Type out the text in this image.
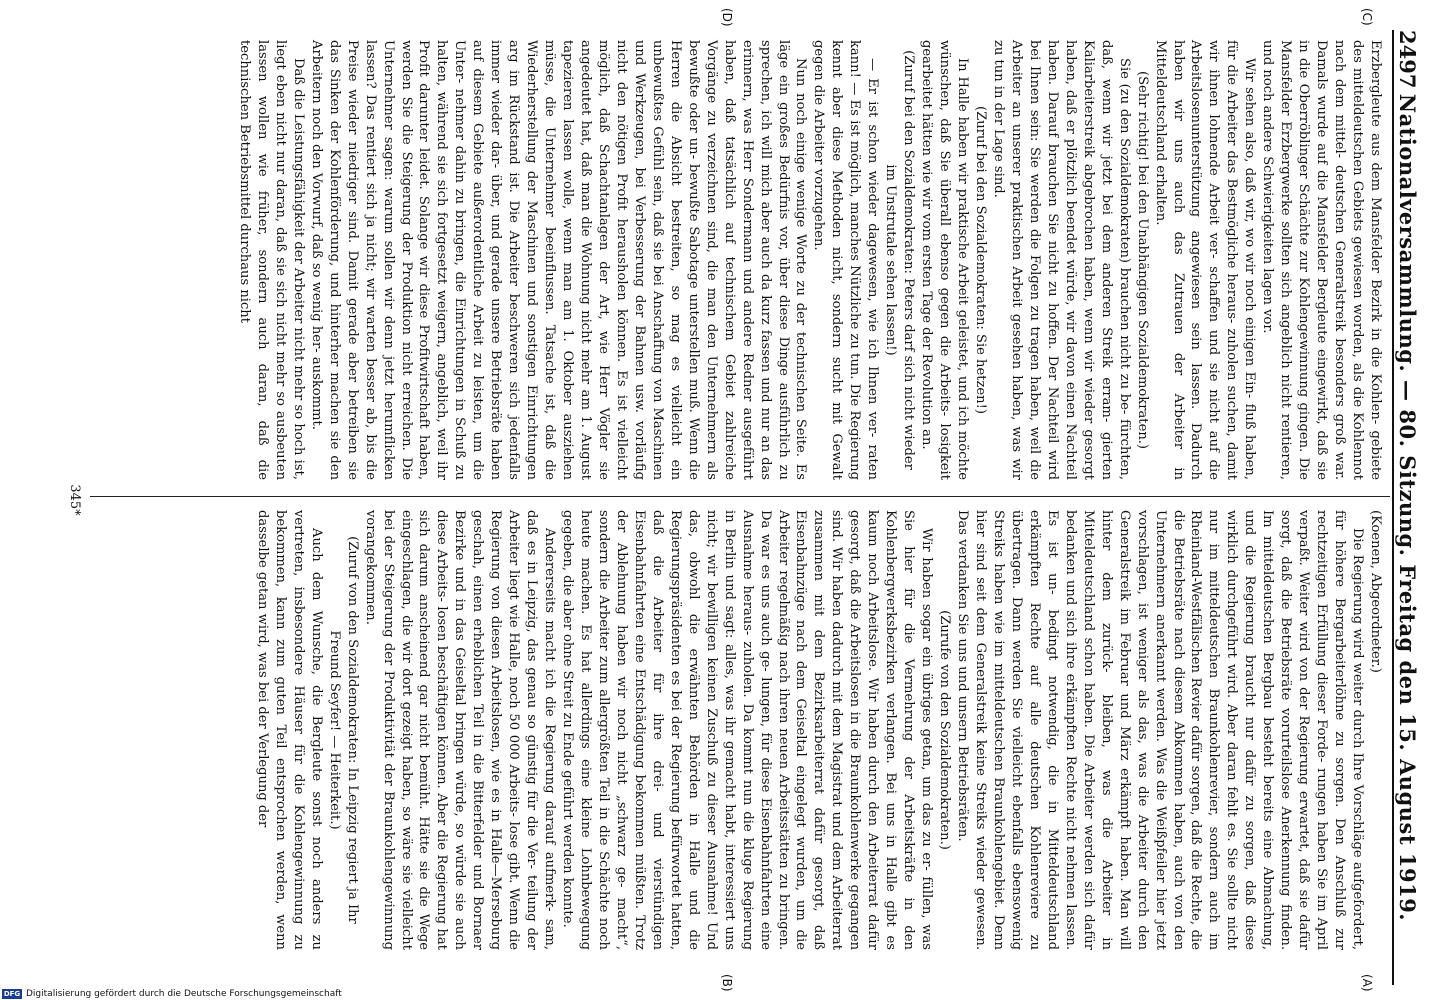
2497
Nationalversammlung. — 80. Sitzung. Freitag den 15. August 1919.
(C)
(D)
(A)
(B)

Erzbergleute aus dem Mansfelder Bezirk in die Kohlen- gebiete des mitteldeutschen Gebiets gewiesen worden, als die Kohlennot nach dem mittel- deutschen Generalstreik besonders groß war. Damals wurde auf die Mansfelder Bergleute eingewirkt, daß sie in die Oberröblinger Schächte zur Kohlengewinnung gingen. Die Mansfelder Erzbergwerke sollten sich angeblich nicht rentieren, und noch andere Schwierigkeiten lagen vor.

Wir sehen also, daß wir, wo wir noch einigen Ein- fluß haben, für die Arbeiter das Bestmögliche heraus- zuholen suchen, damit wir ihnen lohnende Arbeit ver- schaffen und sie nicht auf die Arbeitslosenunterstützung angewiesen sein lassen. Dadurch haben wir uns auch das Zutrauen der Arbeiter in Mitteldeutschland erhalten.

(Sehr richtig! bei den Unabhängigen Sozialdemokraten.)

Sie (zu den Sozialdemokraten) brauchen nicht zu be- fürchten, daß, wenn wir jetzt bei dem anderen Streik erram- gierten Kaliarbeiterstreik abgebrochen haben, wenn wir wieder gesorgt haben, daß er plötzlich beendet würde, wir davon einen Nachteil haben. Darauf brauchen Sie nicht zu hoffen. Der Nachteil wird bei Ihnen sein: Sie werden die Folgen zu tragen haben, weil die Arbeiter an unserer praktischen Arbeit gesehen haben, was wir zu tun in der Lage sind.

(Zuruf bei den Sozialdemokraten: Sie hetzen!)

In Halle haben wir praktische Arbeit geleistet, und ich möchte wünschen, daß Sie überall ebenso gegen die Arbeits- losigkeit gearbeitet hätten wie wir vom ersten Tage der Revolution an.

(Zuruf bei den Sozialdemokraten: Peters darf sich nicht wieder im Unstrutale sehen lassen!)

— Er ist schon wieder dagewesen, wie ich Ihnen ver- raten kann! — Es ist möglich, manches Nützliche zu tun. Die Regierung kennt aber diese Methoden nicht, sondern sucht mit Gewalt gegen die Arbeiter vorzugehen.

Nun noch einige wenige Worte zu der technischen Seite. Es läge ein großes Bedürfnis vor, über diese Dinge ausführlich zu sprechen, ich will mich aber auch da kurz fassen und nur an das erinnern, was Herr Sondermann und andere Redner ausgeführt haben, daß tatsächlich auf technischem Gebiet zahlreiche Vorgänge zu verzeichnen sind, die man den Unternehmern als bewußte oder un- bewußte Sabotage unterstellen muß. Wenn die Herren die Absicht bestreiten, so mag es vielleicht ein unbewußtes Gefühl sein, daß sie bei Anschaffung von Maschinen und Werkzeugen, bei Verbesserung der Bahnen usw. vorläufig nicht den nötigen Profit herausholen können. Es ist vielleicht möglich, daß Schachtanlagen der Art, wie Herr Vögler sie angedeutet hat, daß man die Wohnung nicht mehr am 1. August tapezieren lassen wolle, wenn man am 1. Oktober ausziehen müsse, die Unternehmer beeinflussen. Tatsache ist, daß die Wiederherstellung der Maschinen und sonstigen Einrichtungen arg im Rückstand ist. Die Arbeiter beschweren sich jedenfalls immer wieder dar- über, und gerade unsere Betriebsräte haben auf diesem Gebiete außerordentliche Arbeit zu leisten, um die Unter- nehmer dahin zu bringen, die Einrichtungen in Schuß zu halten, während sie sich fortgesetzt weigern, angeblich, weil ihr Profit darunter leidet. Solange wir diese Profitwirtschaft haben, werden Sie die Steigerung der Produktion nicht erreichen. Die Unternehmer sagen: warum sollen wir denn jetzt herumflicken lassen? Das rentiert sich ja nicht; wir warten besser ab, bis die Preise wieder niedriger sind. Damit gerade aber betreiben sie das Sinken der Kohlenförderung, und hinterher machen sie den Arbeitern noch den Vorwurf, daß so wenig her- auskommt.

Daß die Leistungsfähigkeit der Arbeiter nicht mehr so hoch ist, liegt eben nicht nur daran, daß sie sich nicht mehr so ausbeuten lassen wollen wie früher, sondern auch daran, daß die technischen Betriebsmittel durchaus nicht

(Koenen, Abgeordneter.)

Die Regierung wird weiter durch Ihre Vorschläge aufgefordert, für höhere Bergarbeiterlöhne zu sorgen. Den Anschluß zur rechtzeitigen Erfüllung dieser Forde- rungen haben Sie im April verpaßt. Weiter wird von der Regierung erwartet, daß sie dafür sorgt, daß die Betriebsräte vorurteilslose Anerkennung finden. Im mitteldeutschen Bergbau besteht bereits eine Abmachung, und die Regierung braucht nur dafür zu sorgen, daß diese wirklich durchgeführt wird. Aber daran fehlt es. Sie sollte nicht nur im mitteldeutschen Braunkohlenrevier, sondern auch im Rheinland-Westfälischen Revier dafür sorgen, daß die Rechte, die die Betriebsräte nach diesem Abkommen haben, auch von den Unternehmern anerkannt werden. Was die Weißpfeiler hier jetzt vorschlagen, ist weniger als das, was die Arbeiter durch den Generalstreik im Februar und März erkämpft haben. Man will hinter dem zurück- bleiben, was die Arbeiter in Mitteldeutschland schon haben. Die Arbeiter werden sich dafür bedanken und sich ihre erkämpften Rechte nicht nehmen lassen. Es ist un- bedingt notwendig, die in Mitteldeutschland erkämpften Rechte auf alle deutschen Kohlenreviere zu übertragen. Dann werden Sie vielleicht ebenfalls ebensowenig Streiks haben wie im mitteldeutschen Braunkohlengebiet. Denn hier sind seit dem Generalstreik keine Streiks wieder gewesen. Das verdanken Sie uns und unsern Betriebsräten.

(Zurufe von den Sozialdemokraten.)

Wir haben sogar ein übriges getan, um das zu er- füllen, was Sie hier für die Vermehrung der Arbeitskräfte in den Kohlenbergwerksbezirken verlangen. Bei uns in Halle gibt es kaum noch Arbeitslose. Wir haben durch den Arbeiterrat dafür gesorgt, daß die Arbeitslosen in die Braunkohlenwerke gegangen sind. Wir haben dadurch mit dem Magistrat und dem Arbeiterrat zusammen mit dem Bezirksarbeiterrat dafür gesorgt, daß Eisenbahnzüge nach dem Geiseltal eingelegt wurden, um die Arbeiter regelmäßig nach ihren neuen Arbeitsstätten zu bringen. Da war es uns auch ge- lungen, für diese Eisenbahnfahrten eine Ausnahme heraus- zuholen. Da kommt nun die kluge Regierung in Berlin und sagt: alles, was ihr gemacht habt, interessiert uns nicht; wir bewilligen keinen Zuschuß zu dieser Ausnahme! Und das, obwohl die erwähnten Behörden in Halle und die Regierungspräsidenten es bei der Regierung befürwortet hatten, daß die Arbeiter für ihre drei- und vierstündigen Eisenbahnfahrten eine Entschädigung bekommen müßten. Trotz der Ablehnung haben wir noch nicht „schwarz ge- macht“, sondern die Arbeiter zum allergrößten Teil in die Schächte noch heute machen. Es hat allerdings eine kleine Lohnbewegung gegeben, die aber ohne Streit zu Ende geführt werden konnte.

Andererseits macht ich die Regierung darauf aufmerk- sam, daß es in Leipzig, das genau so günstig für die Ver- teilung der Arbeiter liegt wie Halle, noch 50 000 Arbeits- lose gibt. Wenn die Regierung von diesen Arbeitslosen, wie es in Halle—Merseburg geschah, einen erheblichen Teil in die Bitterfelder und Bornaer Bezirke und in das Geiseltal bringen würde, so würde sie auch diese Arbeits- losen beschäftigen können. Aber die Regierung hat sich darum anscheinend gar nicht bemüht. Hätte sie die Wege eingeschlagen, die wir dort gezeigt haben, so wäre sie vielleicht bei der Steigerung der Produktivität der Braunkohlengewinnung vorangekommen.

(Zuruf von den Sozialdemokraten: In Leipzig regiert ja Ihr Freund Seyfer! — Heiterkeit.)

Auch dem Wunsche, die Bergleute sonst noch anders zu vertreten, insbesondere Häuser für die Kohlengewinnung zu bekommen, kann zum guten Teil entsprochen werden, wenn dasselbe getan wird, was bei der Verlegung der

345*
DFG Digitalisierung gefördert durch die Deutsche Forschungsgemeinschaft
